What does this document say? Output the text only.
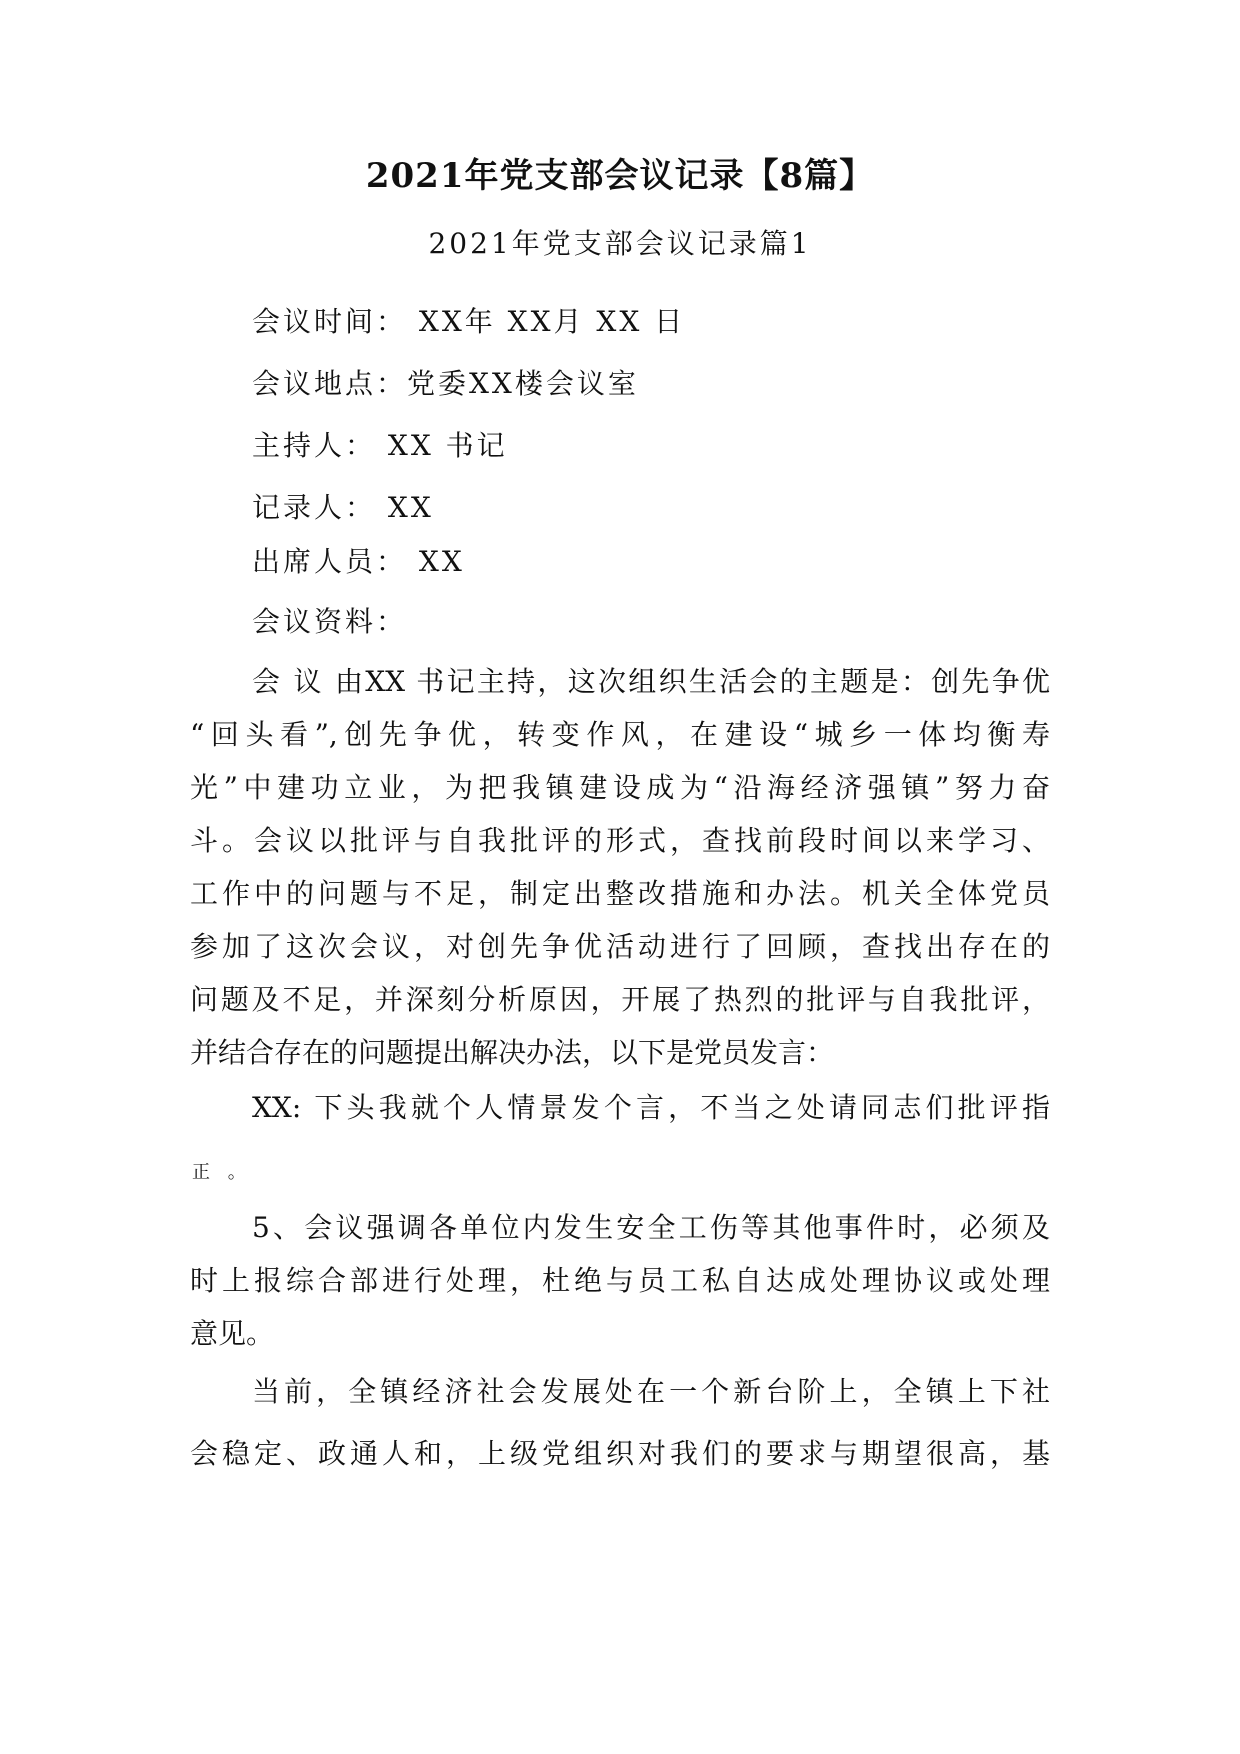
2021年党支部会议记录【8篇】
2021年党支部会议记录篇1
会议时间： XX年 XX月 XX 日
会议地点：党委XX楼会议室
主持人： XX 书记
记录人： XX
出席人员： XX
会议资料：
会 议 由XX 书记主持，这次组织生活会的主题是：创先争优
“回头看”,创先争优，转变作风，在建设“城乡一体均衡寿
光”中建功立业，为把我镇建设成为“沿海经济强镇”努力奋
斗。会议以批评与自我批评的形式，查找前段时间以来学习、
工作中的问题与不足，制定出整改措施和办法。机关全体党员
参加了这次会议，对创先争优活动进行了回顾，查找出存在的
问题及不足，并深刻分析原因，开展了热烈的批评与自我批评，
并结合存在的问题提出解决办法，以下是党员发言：
XX: 下头我就个人情景发个言，不当之处请同志们批评指
正 。
5、会议强调各单位内发生安全工伤等其他事件时，必须及
时上报综合部进行处理，杜绝与员工私自达成处理协议或处理
意见。
当前，全镇经济社会发展处在一个新台阶上，全镇上下社
会稳定、政通人和，上级党组织对我们的要求与期望很高，基
